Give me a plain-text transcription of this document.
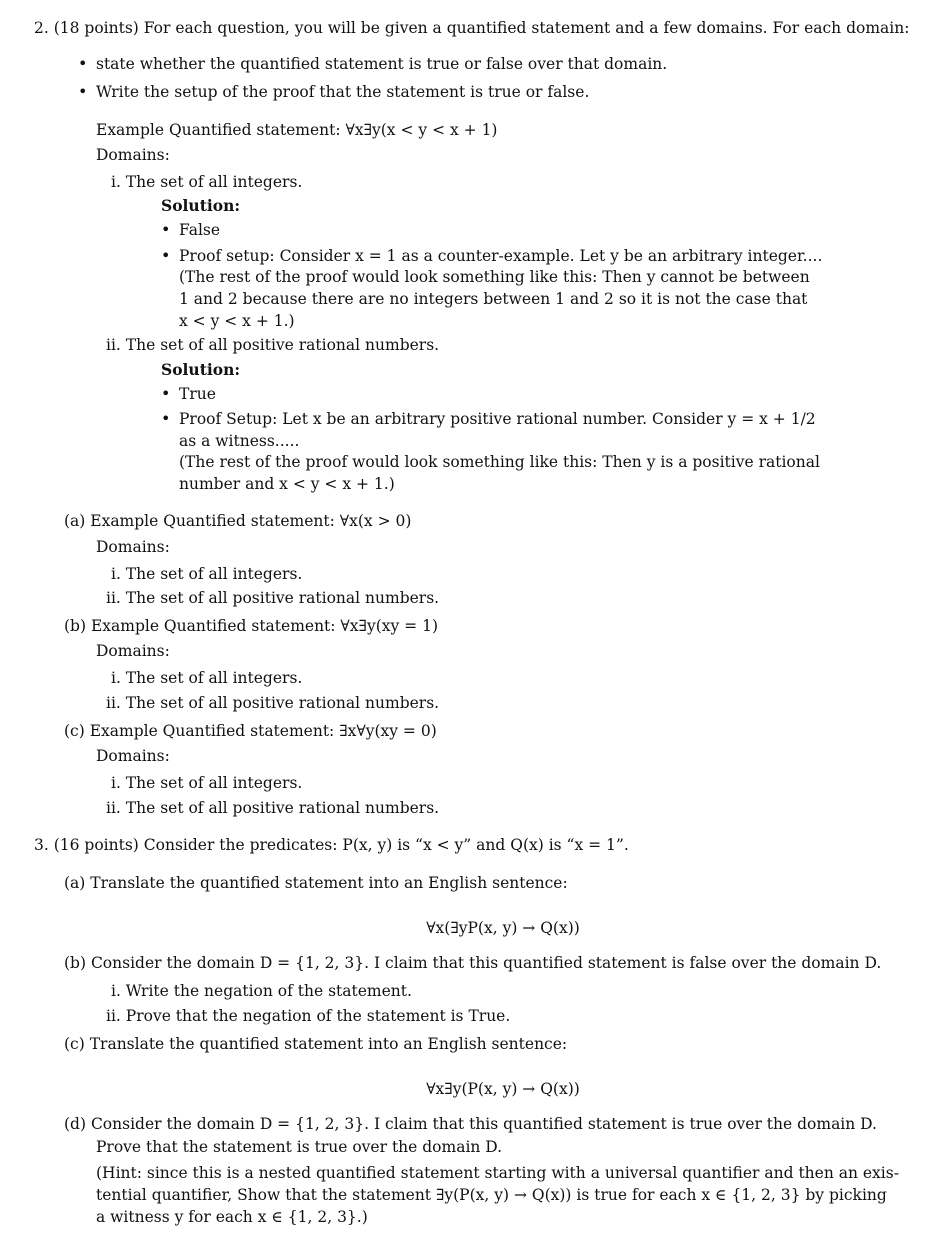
2. (18 points) For each question, you will be given a quantified statement and a few domains. For each domain:
• state whether the quantified statement is true or false over that domain.
• Write the setup of the proof that the statement is true or false.
Example Quantified statement: ∀x∃y(x < y < x + 1)
Domains:
i. The set of all integers.
Solution:
• False
• Proof setup: Consider x = 1 as a counter-example. Let y be an arbitrary integer....
(The rest of the proof would look something like this: Then y cannot be between
1 and 2 because there are no integers between 1 and 2 so it is not the case that
x < y < x + 1.)
ii. The set of all positive rational numbers.
Solution:
• True
• Proof Setup: Let x be an arbitrary positive rational number. Consider y = x + 1/2
as a witness.....
(The rest of the proof would look something like this: Then y is a positive rational
number and x < y < x + 1.)
(a) Example Quantified statement: ∀x(x > 0)
Domains:
i. The set of all integers.
ii. The set of all positive rational numbers.
(b) Example Quantified statement: ∀x∃y(xy = 1)
Domains:
i. The set of all integers.
ii. The set of all positive rational numbers.
(c) Example Quantified statement: ∃x∀y(xy = 0)
Domains:
i. The set of all integers.
ii. The set of all positive rational numbers.
3. (16 points) Consider the predicates: P(x, y) is “x < y” and Q(x) is “x = 1”.
(a) Translate the quantified statement into an English sentence:
∀x(∃yP(x, y) → Q(x))
(b) Consider the domain D = {1, 2, 3}. I claim that this quantified statement is false over the domain D.
i. Write the negation of the statement.
ii. Prove that the negation of the statement is True.
(c) Translate the quantified statement into an English sentence:
∀x∃y(P(x, y) → Q(x))
(d) Consider the domain D = {1, 2, 3}. I claim that this quantified statement is true over the domain D.
Prove that the statement is true over the domain D.
(Hint: since this is a nested quantified statement starting with a universal quantifier and then an exis-
tential quantifier, Show that the statement ∃y(P(x, y) → Q(x)) is true for each x ∈ {1, 2, 3} by picking
a witness y for each x ∈ {1, 2, 3}.)
